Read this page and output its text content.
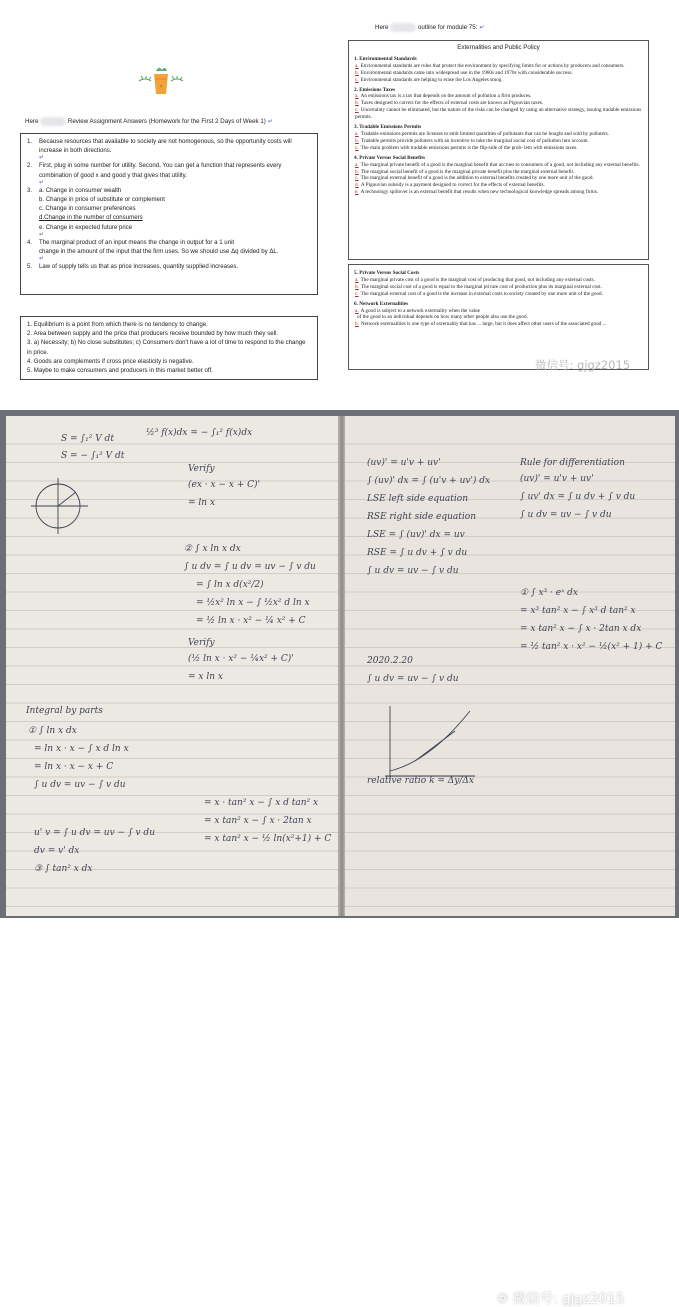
Here	Review Assignment Answers (Homework for the First 2 Days of Week 1) ↵
1.	Because resources that available to society are not homogenous, so the opportunity costs will increase in both directions.
↵
2.	First, plug in some number for utility. Second, You can get a function that represents every combination of good x and good y that gives that utility.
↵
3.	a. Change in consumer wealth
b. Change in price of substitute or complement
c. Change in consumer preferences
d.Change in the number of consumers
e. Change in expected future price
↵
4.	The marginal product of an input means the change in output for a 1 unit
change in the amount of the input that the firm uses. So we should use Δq divided by ΔL.
↵
5.	Law of supply tells us that as price increases, quantity supplied increases.
1. Equilibrium is a point from which there is no tendency to change.
2. Area between supply and the price that producers receive bounded by how much they sell.
3. a) Necessity; b) No close substitutes; c) Consumers don't have a lot of time to respond to the change in price.
4. Goods are complements if cross price elasticity is negative.
5. Maybe to make consumers and producers in this market better off.
Here	outline for module 75: ↵
Externalities and Public Policy
1. Environmental Standards
a. Environmental standards are rules that protect the environment by specifying limits for or actions by producers and consumers.
b. Environmental standards came into widespread use in the 1960s and 1970s with considerable success.
c. Environmental standards are helping to erase the Los Angeles smog.
2. Emissions Taxes
a. An emissions tax is a tax that depends on the amount of pollution a firm produces.
b. Taxes designed to correct for the effects of external costs are known as Pigouvian taxes.
c. Uncertainty cannot be eliminated, but the nature of the risks can be changed by using an alternative strategy, issuing tradable emissions permits.
3. Tradable Emissions Permits
a. Tradable emissions permits are licenses to emit limited quantities of pollutants that can be bought and sold by polluters.
b. Tradable permits provide polluters with an incentive to take the marginal social cost of pollution into account.
c. The main problem with tradable emissions permits is the flip-side of the prob- lem with emissions taxes.
4. Private Versus Social Benefits
a. The marginal private benefit of a good is the marginal benefit that accrues to consumers of a good, not including any external benefits.
b. The marginal social benefit of a good is the marginal private benefit plus the marginal external benefit.
c. The marginal external benefit of a good is the addition to external benefits created by one more unit of the good.
d. A Pigouvian subsidy is a payment designed to correct for the effects of external benefits.
e. A technology spillover is an external benefit that results when new technological knowledge spreads among firms.
5. Private Versus Social Costs
a. The marginal private cost of a good is the marginal cost of producing that good, not including any external costs.
b. The marginal social cost of a good is equal to the marginal private cost of production plus its marginal external cost.
c. The marginal external cost of a good is the increase in external costs to society created by one more unit of the good.
6. Network Externalities
a. A good is subject to a network externality when the value
of the good to an individual depends on how many other people also use the good.
b. Network externalities is one type of externality that has ... large, but it does affect other users of the associated good ...
微信号: gjgz2015
S = ∫₁² V dt
S = − ∫₁² V dt
½³ f(x)dx = − ∫₁² f(x)dx
Verify
(ex · x − x + C)'
= ln x
② ∫ x ln x dx
∫ u dv = ∫ u dv = uv − ∫ v du
= ∫ ln x d(x²/2)
= ½x² ln x − ∫ ½x² d ln x
= ½ ln x · x² − ¼ x² + C
Verify
(½ ln x · x² − ¼x² + C)'
= x ln x
Integral by parts
① ∫ ln x dx
= ln x · x − ∫ x d ln x
= ln x · x − x + C
∫ u dv = uv − ∫ v du
u' v = ∫ u dv = uv − ∫ v du
dv = v' dx
③ ∫ tan² x dx
= x · tan² x − ∫ x d tan² x
= x tan² x − ∫ x · 2tan x
= x tan² x − ½ ln(x²+1) + C
(uv)' = u'v + uv'
∫ (uv)' dx = ∫ (u'v + uv') dx
LSE left side equation
RSE right side equation
LSE = ∫ (uv)' dx = uv
RSE = ∫ u dv + ∫ v du
∫ u dv = uv − ∫ v du
2020.2.20
∫ u dv = uv − ∫ v du
relative ratio k = Δy/Δx
Rule for differentiation
(uv)' = u'v + uv'
∫ uv' dx = ∫ u dv + ∫ v du
∫ u dv = uv − ∫ v du
① ∫ x³ · eˣ dx
= x³ tan² x − ∫ x³ d tan² x
= x tan² x − ∫ x · 2tan x dx
= ½ tan² x · x² − ½(x² + 1) + C
❁ 微信号: gjgz2015
